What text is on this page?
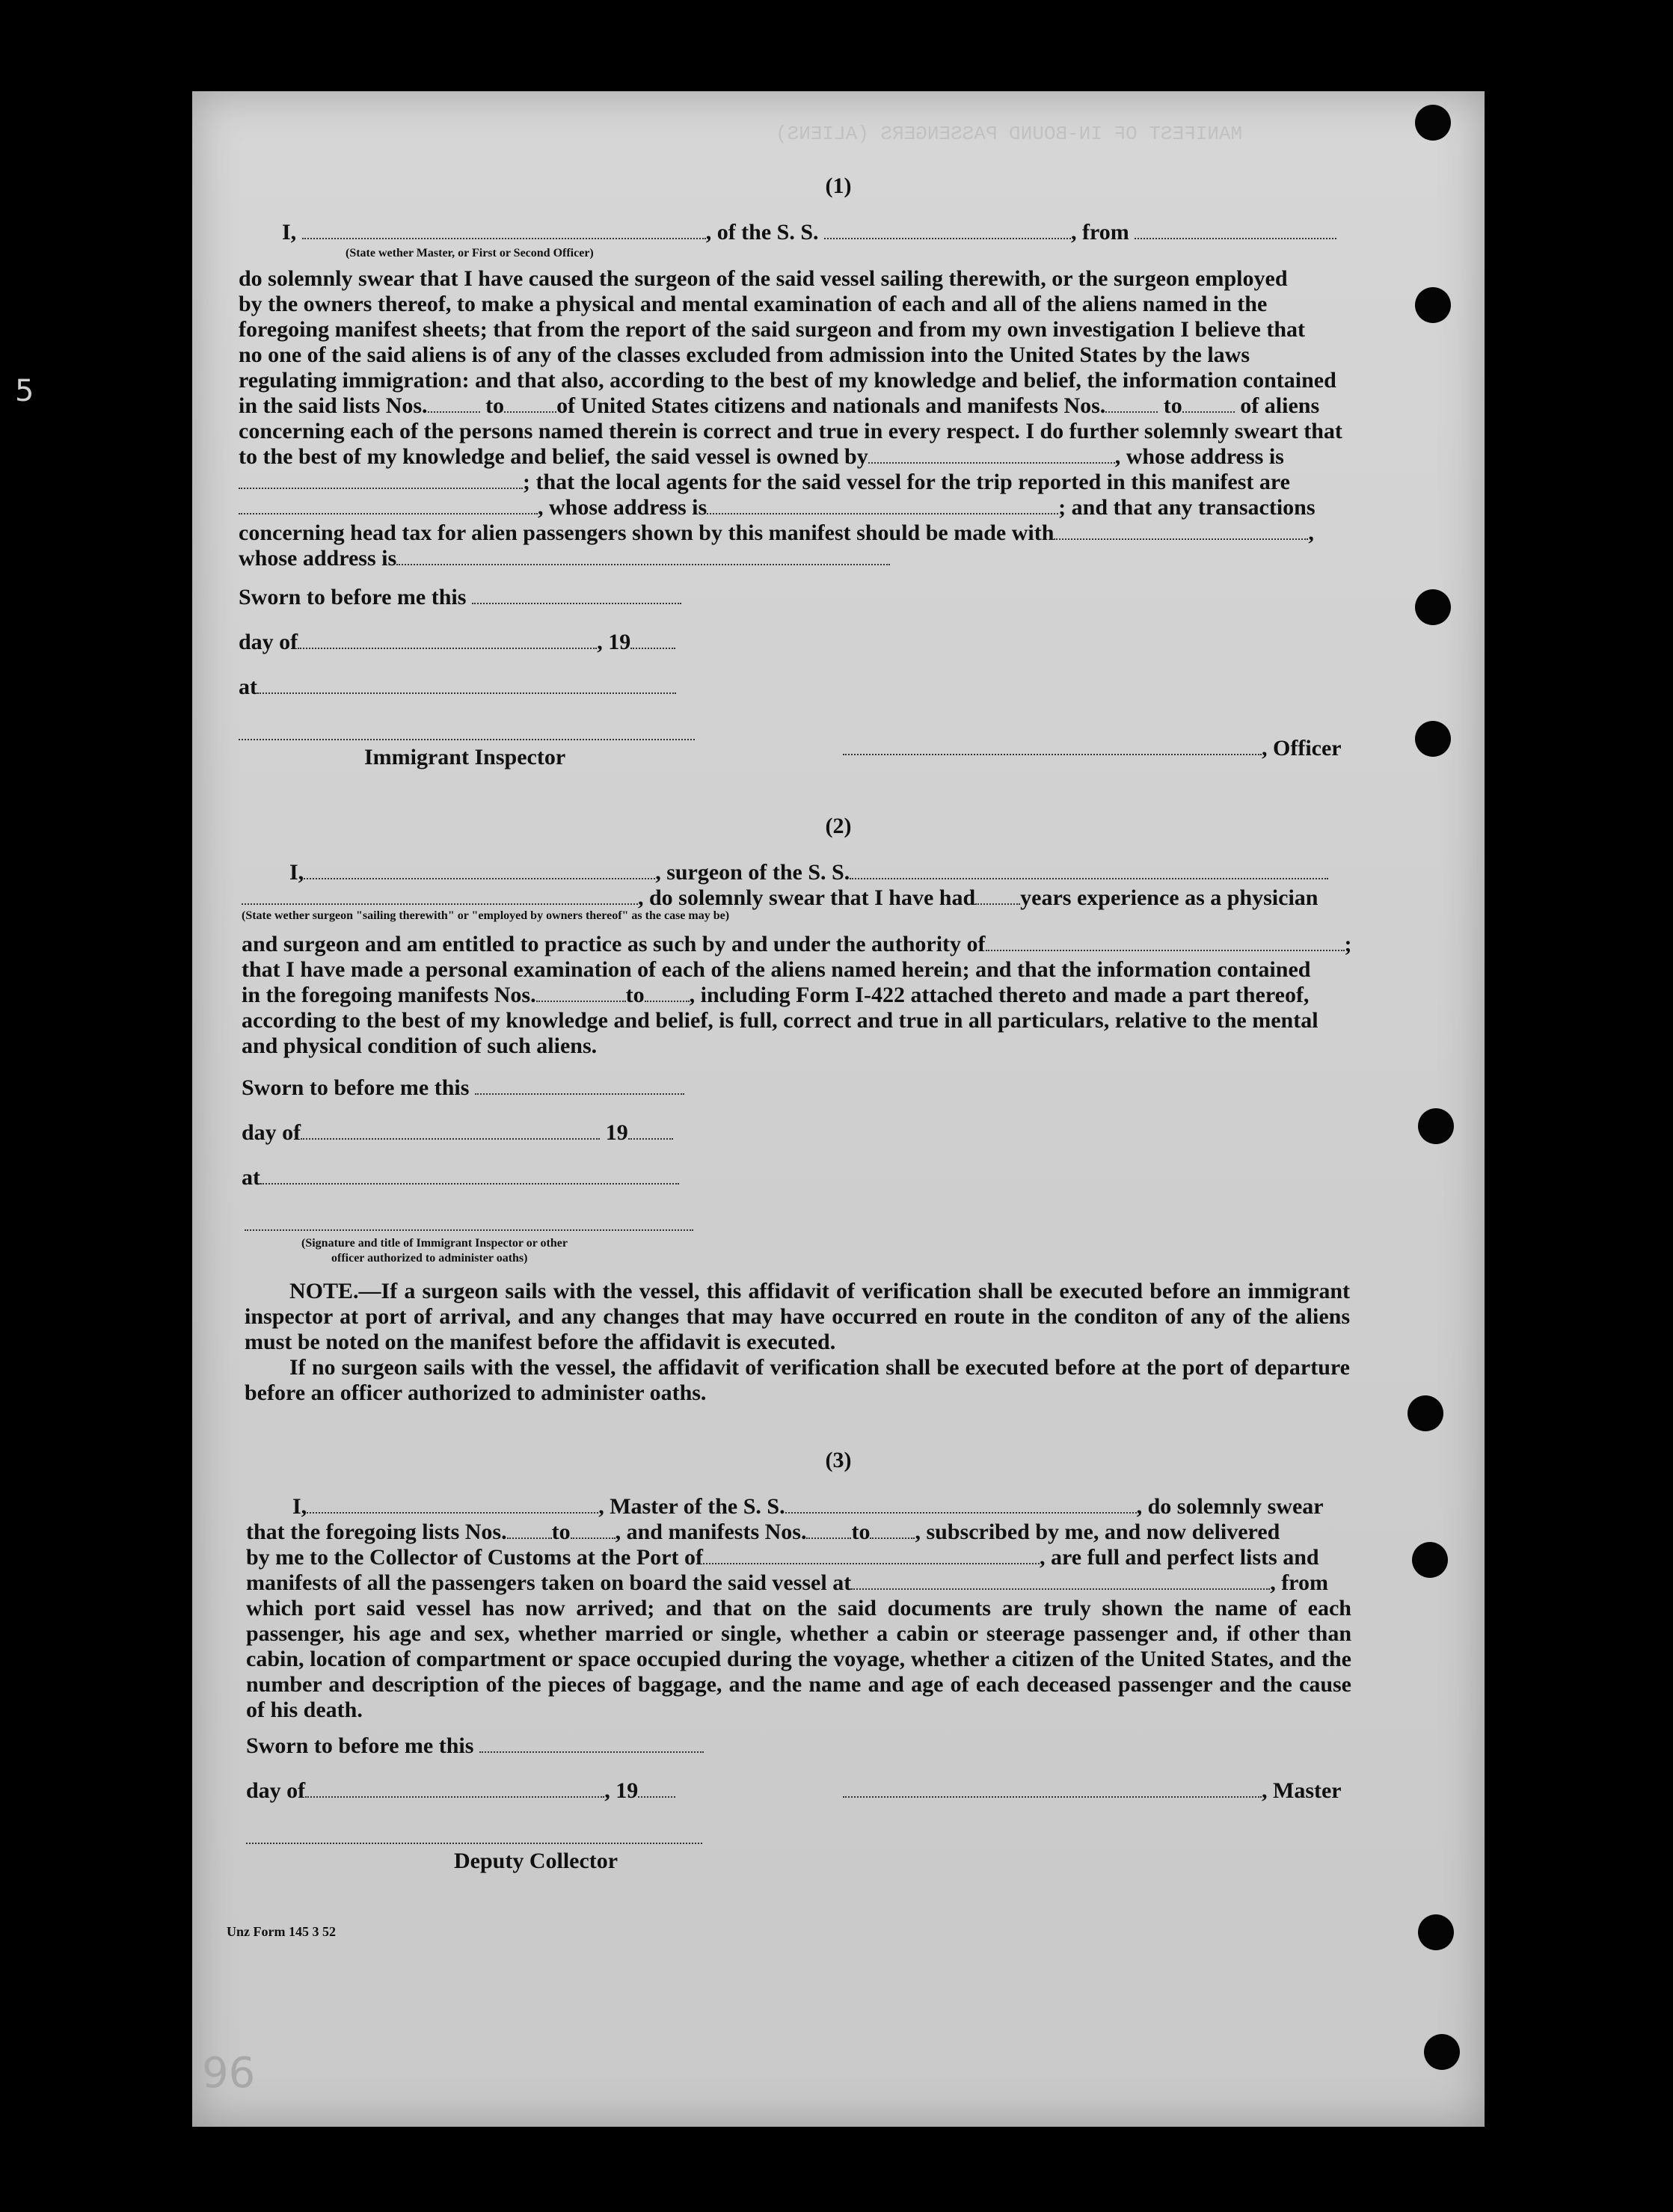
MANIFEST OF IN-BOUND PASSENGERS (ALIENS)
(1)
I,	, of the S. S.	, from
(State wether Master, or First or Second Officer)
do solemnly swear that I have caused the surgeon of the said vessel sailing therewith, or the surgeon employed
by the owners thereof, to make a physical and mental examination of each and all of the aliens named in the
foregoing manifest sheets; that from the report of the said surgeon and from my own investigation I believe that
no one of the said aliens is of any of the classes excluded from admission into the United States by the laws
regulating immigration: and that also, according to the best of my knowledge and belief, the information contained
in the said lists Nos.	to of United States citizens and nationals and manifests Nos.	to	of aliens
concerning each of the persons named therein is correct and true in every respect. I do further solemnly sweart that
to the best of my knowledge and belief, the said vessel is owned by	, whose address is
; that the local agents for the said vessel for the trip reported in this manifest are
, whose address is	; and that any transactions
concerning head tax for alien passengers shown by this manifest should be made with	,
whose address is
Sworn to before me this
day of	, 19
at
Immigrant Inspector	, Officer
(2)
I,	, surgeon of the S. S.
, do solemnly swear that I have had years experience as a physician
(State wether surgeon "sailing therewith" or "employed by owners thereof" as the case may be)
and surgeon and am entitled to practice as such by and under the authority of	;
that I have made a personal examination of each of the aliens named herein; and that the information contained
in the foregoing manifests Nos.	to , including Form I-422 attached thereto and made a part thereof,
according to the best of my knowledge and belief, is full, correct and true in all particulars, relative to the mental
and physical condition of such aliens.
Sworn to before me this
day of	19
at
(Signature and title of Immigrant Inspector or other
officer authorized to administer oaths)
NOTE.—If a surgeon sails with the vessel, this affidavit of verification shall be executed before an immigrant inspector at port of arrival, and any changes that may have occurred en route in the conditon of any of the aliens must be noted on the manifest before the affidavit is executed.
If no surgeon sails with the vessel, the affidavit of verification shall be executed before at the port of departure before an officer authorized to administer oaths.
(3)
I,	, Master of the S. S.	, do solemnly swear
that the foregoing lists Nos. to , and manifests Nos. to , subscribed by me, and now delivered
by me to the Collector of Customs at the Port of	, are full and perfect lists and
manifests of all the passengers taken on board the said vessel at	, from
which port said vessel has now arrived; and that on the said documents are truly shown the name of each passenger, his age and sex, whether married or single, whether a cabin or steerage passenger and, if other than cabin, location of compartment or space occupied during the voyage, whether a citizen of the United States, and the number and description of the pieces of baggage, and the name and age of each deceased passenger and the cause of his death.
Sworn to before me this
day of	, 19	, Master
Deputy Collector
Unz Form 145 3 52
5
96
